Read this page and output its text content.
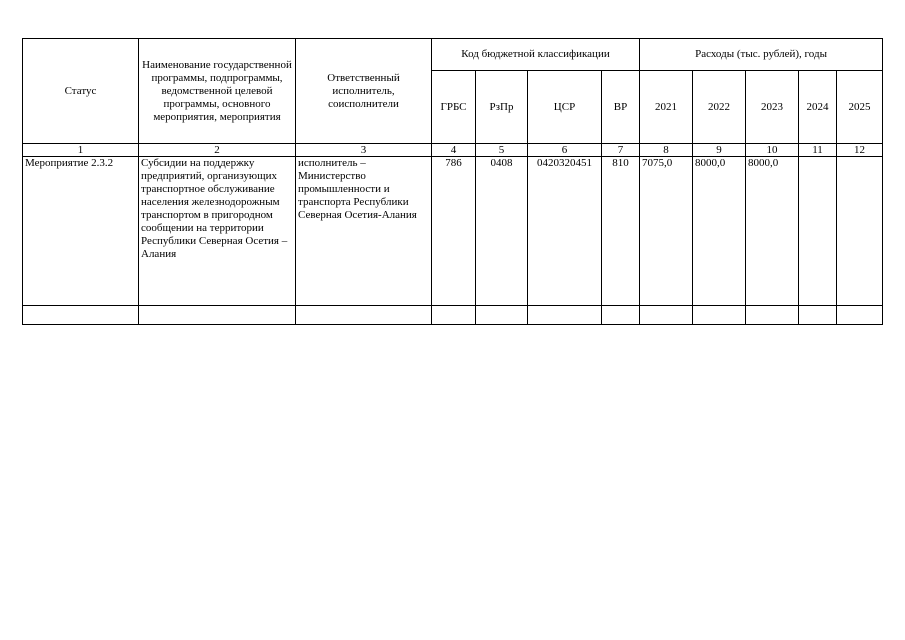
Статус	Наименование государственной программы, подпрограммы, ведомственной целевой программы, основного мероприятия, мероприятия	Ответственный исполнитель, соисполнители	Код бюджетной классификации				Расходы (тыс. рублей), годы				
			ГРБС	РзПр	ЦСР	ВР	2021	2022	2023	2024	2025
1	2	3	4	5	6	7	8	9	10	11	12
Мероприятие 2.3.2	Субсидии на поддержку предприятий, организующих транспортное обслуживание населения железнодорожным транспортом в пригородном сообщении на территории Республики Северная Осетия – Алания	исполнитель – Министерство промышленности и транспорта Республики Северная Осетия-Алания	786	0408	0420320451	810	7075,0	8000,0	8000,0		
